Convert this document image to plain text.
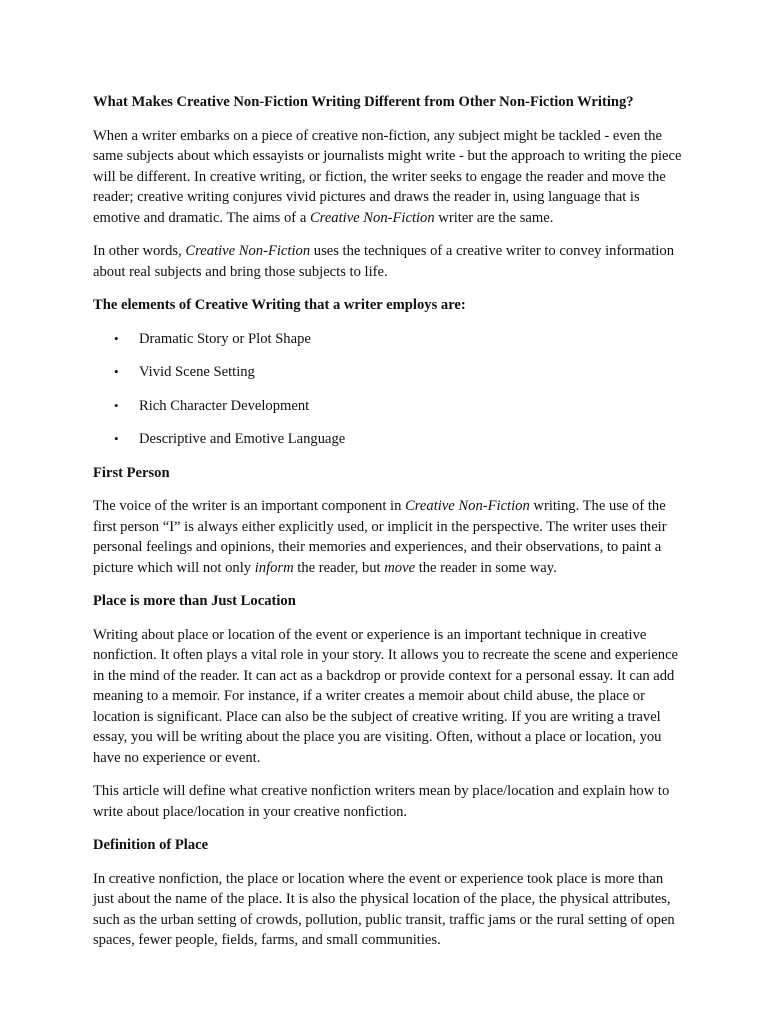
What Makes Creative Non-Fiction Writing Different from Other Non-Fiction Writing?

When a writer embarks on a piece of creative non-fiction, any subject might be tackled - even the same subjects about which essayists or journalists might write - but the approach to writing the piece will be different. In creative writing, or fiction, the writer seeks to engage the reader and move the reader; creative writing conjures vivid pictures and draws the reader in, using language that is emotive and dramatic. The aims of a Creative Non-Fiction writer are the same.

In other words, Creative Non-Fiction uses the techniques of a creative writer to convey information about real subjects and bring those subjects to life.

The elements of Creative Writing that a writer employs are:

• Dramatic Story or Plot Shape
• Vivid Scene Setting
• Rich Character Development
• Descriptive and Emotive Language

First Person

The voice of the writer is an important component in Creative Non-Fiction writing. The use of the first person “I” is always either explicitly used, or implicit in the perspective. The writer uses their personal feelings and opinions, their memories and experiences, and their observations, to paint a picture which will not only inform the reader, but move the reader in some way.

Place is more than Just Location

Writing about place or location of the event or experience is an important technique in creative nonfiction. It often plays a vital role in your story. It allows you to recreate the scene and experience in the mind of the reader. It can act as a backdrop or provide context for a personal essay. It can add meaning to a memoir. For instance, if a writer creates a memoir about child abuse, the place or location is significant. Place can also be the subject of creative writing. If you are writing a travel essay, you will be writing about the place you are visiting. Often, without a place or location, you have no experience or event.

This article will define what creative nonfiction writers mean by place/location and explain how to write about place/location in your creative nonfiction.

Definition of Place

In creative nonfiction, the place or location where the event or experience took place is more than just about the name of the place. It is also the physical location of the place, the physical attributes, such as the urban setting of crowds, pollution, public transit, traffic jams or the rural setting of open spaces, fewer people, fields, farms, and small communities.
